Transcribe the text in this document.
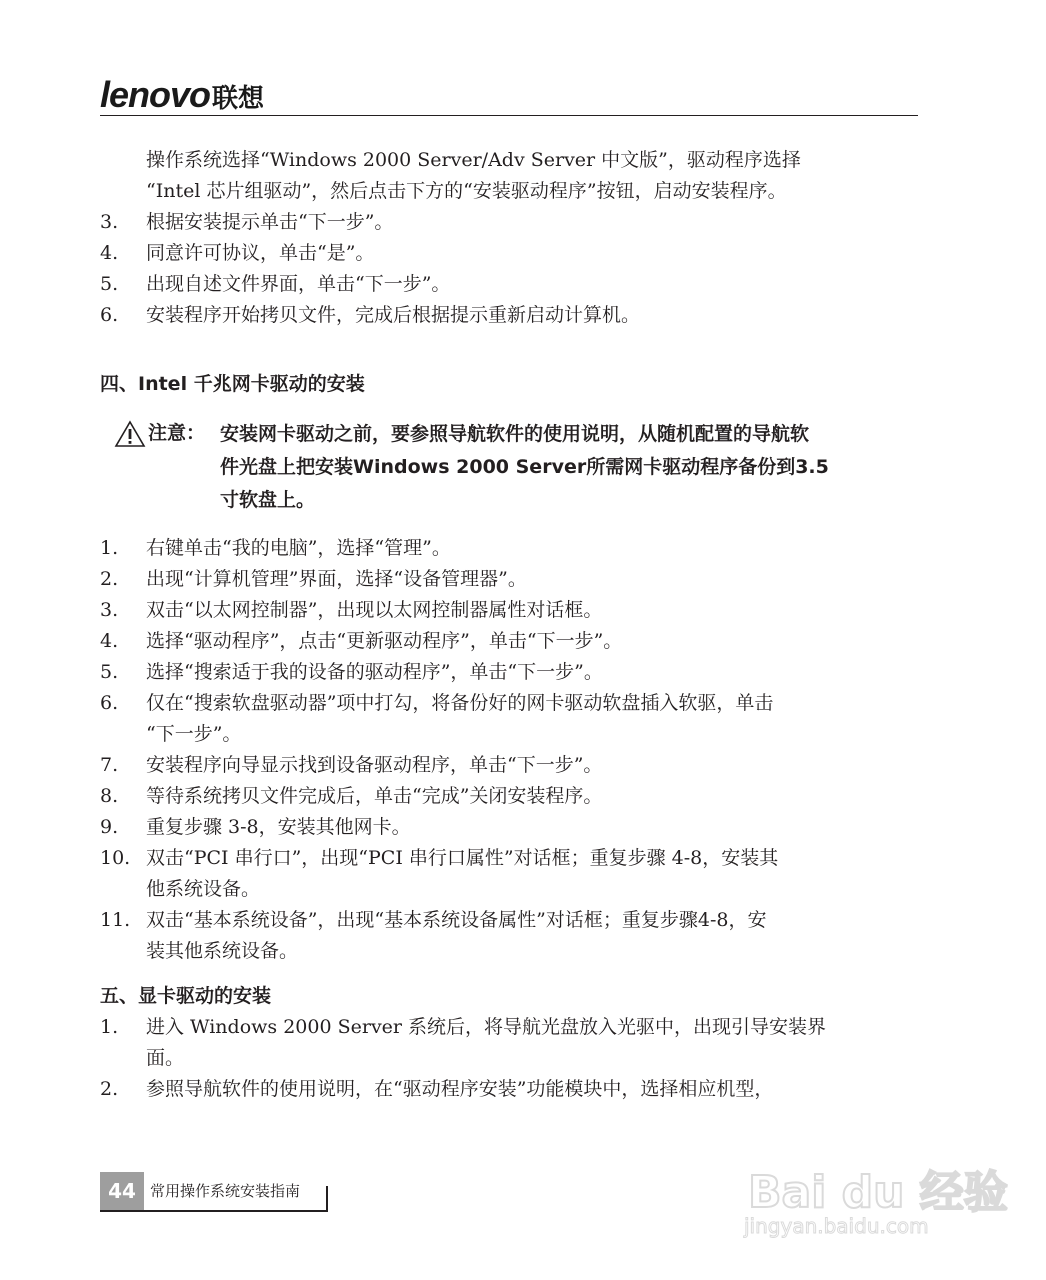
lenovo联想
操作系统选择“Windows 2000 Server/Adv Server 中文版”，驱动程序选择
“Intel 芯片组驱动”，然后点击下方的“安装驱动程序”按钮，启动安装程序。
3. 根据安装提示单击“下一步”。
4. 同意许可协议，单击“是”。
5. 出现自述文件界面，单击“下一步”。
6. 安装程序开始拷贝文件，完成后根据提示重新启动计算机。
四、Intel 千兆网卡驱动的安装
注意： 安装网卡驱动之前，要参照导航软件的使用说明，从随机配置的导航软
件光盘上把安装Windows 2000 Server所需网卡驱动程序备份到3.5
寸软盘上。
1. 右键单击“我的电脑”，选择“管理”。
2. 出现“计算机管理”界面，选择“设备管理器”。
3. 双击“以太网控制器”，出现以太网控制器属性对话框。
4. 选择“驱动程序”，点击“更新驱动程序”，单击“下一步”。
5. 选择“搜索适于我的设备的驱动程序”，单击“下一步”。
6. 仅在“搜索软盘驱动器”项中打勾，将备份好的网卡驱动软盘插入软驱，单击
“下一步”。
7. 安装程序向导显示找到设备驱动程序，单击“下一步”。
8. 等待系统拷贝文件完成后，单击“完成”关闭安装程序。
9. 重复步骤 3-8，安装其他网卡。
10. 双击“PCI 串行口”，出现“PCI 串行口属性”对话框；重复步骤 4-8，安装其
他系统设备。
11. 双击“基本系统设备”，出现“基本系统设备属性”对话框；重复步骤4-8，安
装其他系统设备。
五、显卡驱动的安装
1. 进入 Windows 2000 Server 系统后，将导航光盘放入光驱中，出现引导安装界
面。
2. 参照导航软件的使用说明，在“驱动程序安装”功能模块中，选择相应机型，
44 常用操作系统安装指南	Bai du 经验
jingyan.baidu.com
